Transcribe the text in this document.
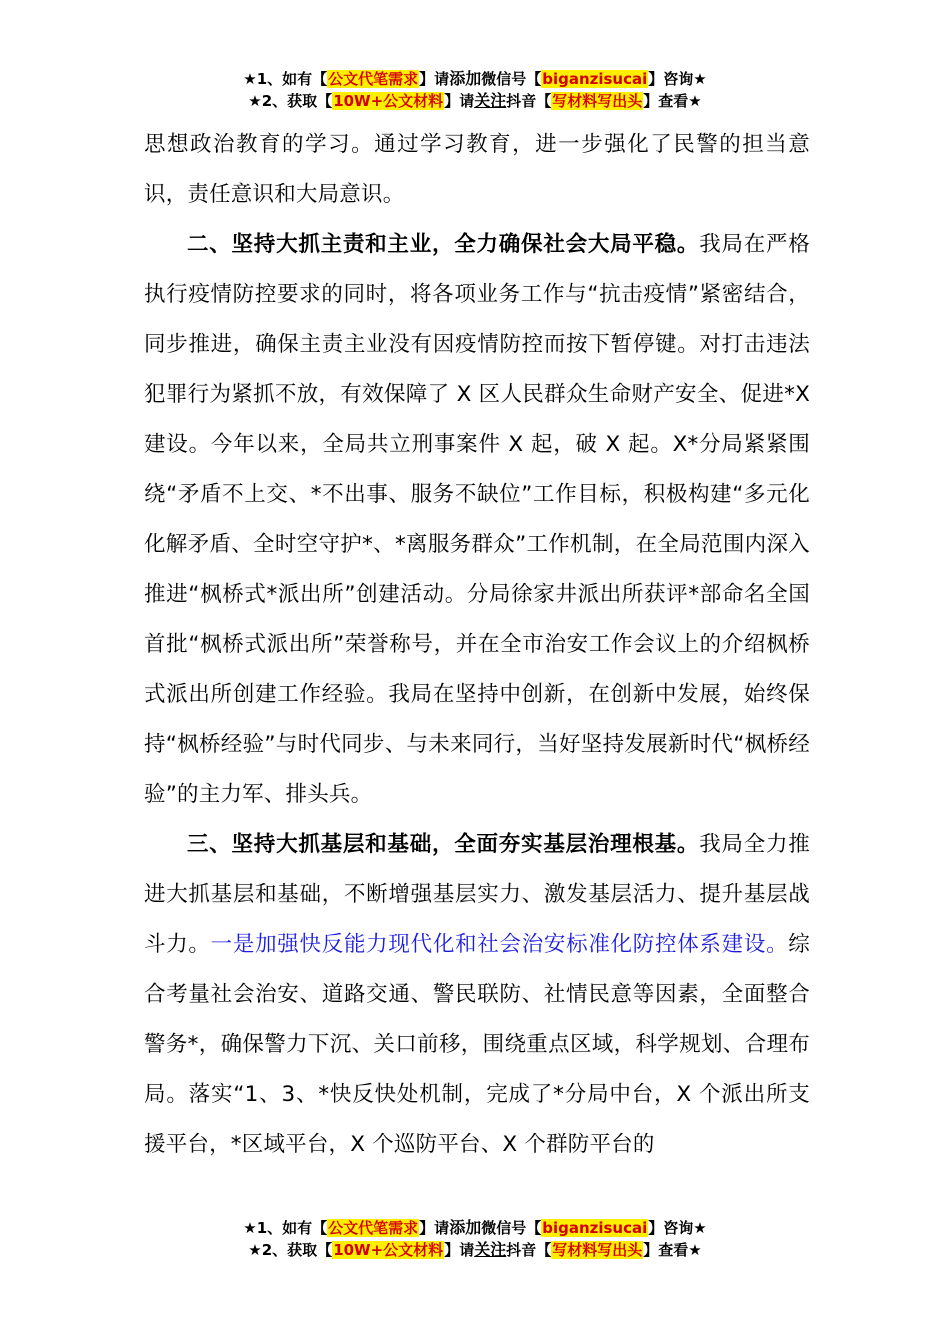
★1、如有【公文代笔需求】请添加微信号【biganzisucai】咨询★
★2、获取【10W+公文材料】请关注抖音【写材料写出头】查看★

思想政治教育的学习。通过学习教育，进一步强化了民警的担当意识，责任意识和大局意识。

二、坚持大抓主责和主业，全力确保社会大局平稳。我局在严格执行疫情防控要求的同时，将各项业务工作与“抗击疫情”紧密结合，同步推进，确保主责主业没有因疫情防控而按下暂停键。对打击违法犯罪行为紧抓不放，有效保障了 X 区人民群众生命财产安全、促进*X 建设。今年以来，全局共立刑事案件 X 起，破 X 起。X*分局紧紧围绕“矛盾不上交、*不出事、服务不缺位”工作目标，积极构建“多元化化解矛盾、全时空守护*、*离服务群众”工作机制，在全局范围内深入推进“枫桥式*派出所”创建活动。分局徐家井派出所获评*部命名全国首批“枫桥式派出所”荣誉称号，并在全市治安工作会议上的介绍枫桥式派出所创建工作经验。我局在坚持中创新，在创新中发展，始终保持“枫桥经验”与时代同步、与未来同行，当好坚持发展新时代“枫桥经验”的主力军、排头兵。

三、坚持大抓基层和基础，全面夯实基层治理根基。我局全力推进大抓基层和基础，不断增强基层实力、激发基层活力、提升基层战斗力。一是加强快反能力现代化和社会治安标准化防控体系建设。综合考量社会治安、道路交通、警民联防、社情民意等因素，全面整合警务*，确保警力下沉、关口前移，围绕重点区域，科学规划、合理布局。落实“1、3、*快反快处机制，完成了*分局中台，X 个派出所支援平台，*区域平台，X 个巡防平台、X 个群防平台的

★1、如有【公文代笔需求】请添加微信号【biganzisucai】咨询★
★2、获取【10W+公文材料】请关注抖音【写材料写出头】查看★
